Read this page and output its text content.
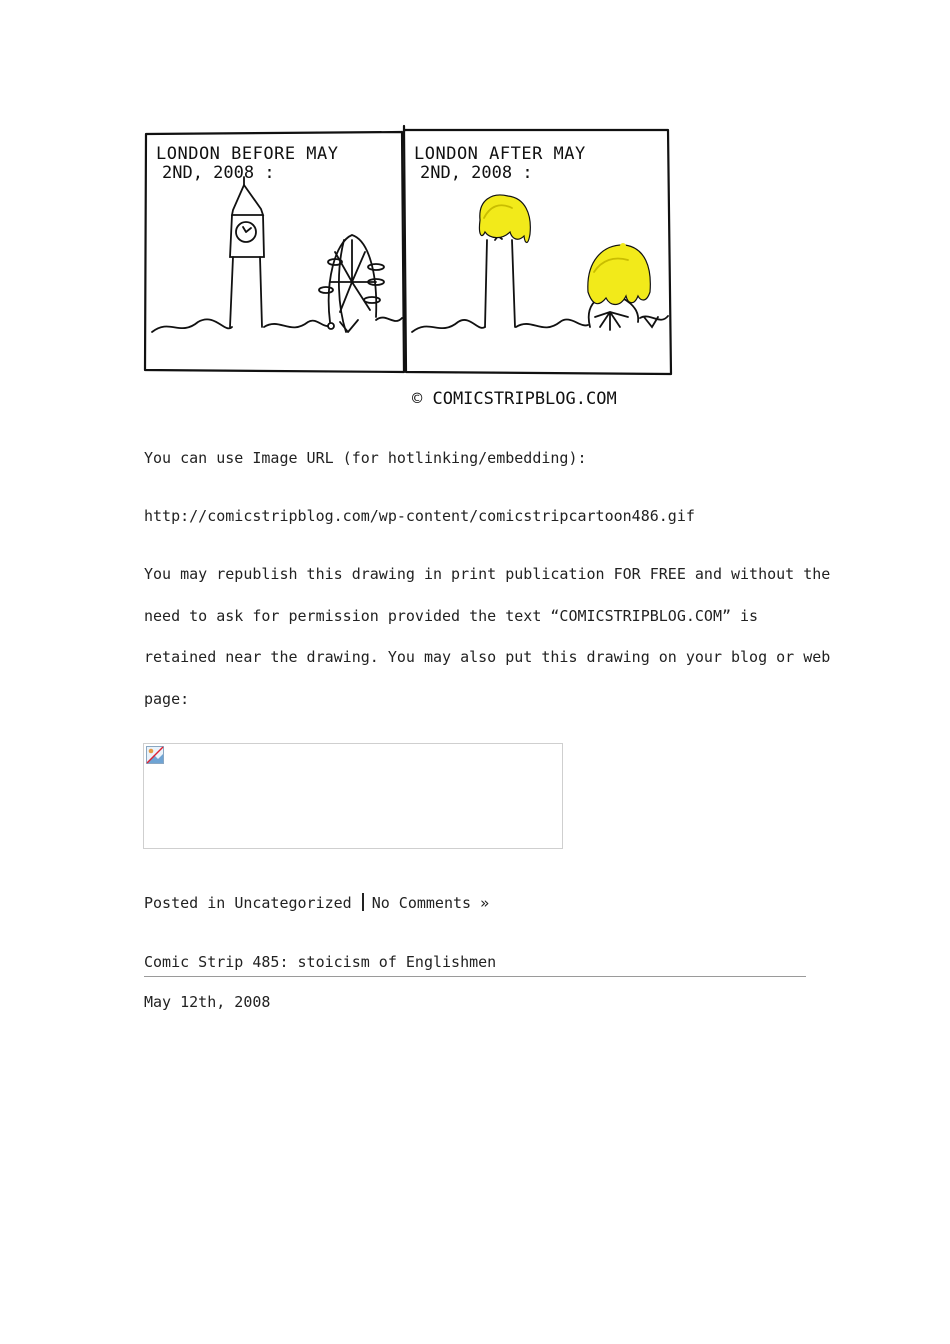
LONDON BEFORE MAY
2ND, 2008 :
LONDON AFTER MAY
2ND, 2008 :
© COMICSTRIPBLOG.COM
You can use Image URL (for hotlinking/embedding):
http://comicstripblog.com/wp-content/comicstripcartoon486.gif
You may republish this drawing in print publication FOR FREE and without the
need to ask for permission provided the text “COMICSTRIPBLOG.COM” is
retained near the drawing. You may also put this drawing on your blog or web
page:
Posted in Uncategorized No Comments »
Comic Strip 485: stoicism of Englishmen
May 12th, 2008
